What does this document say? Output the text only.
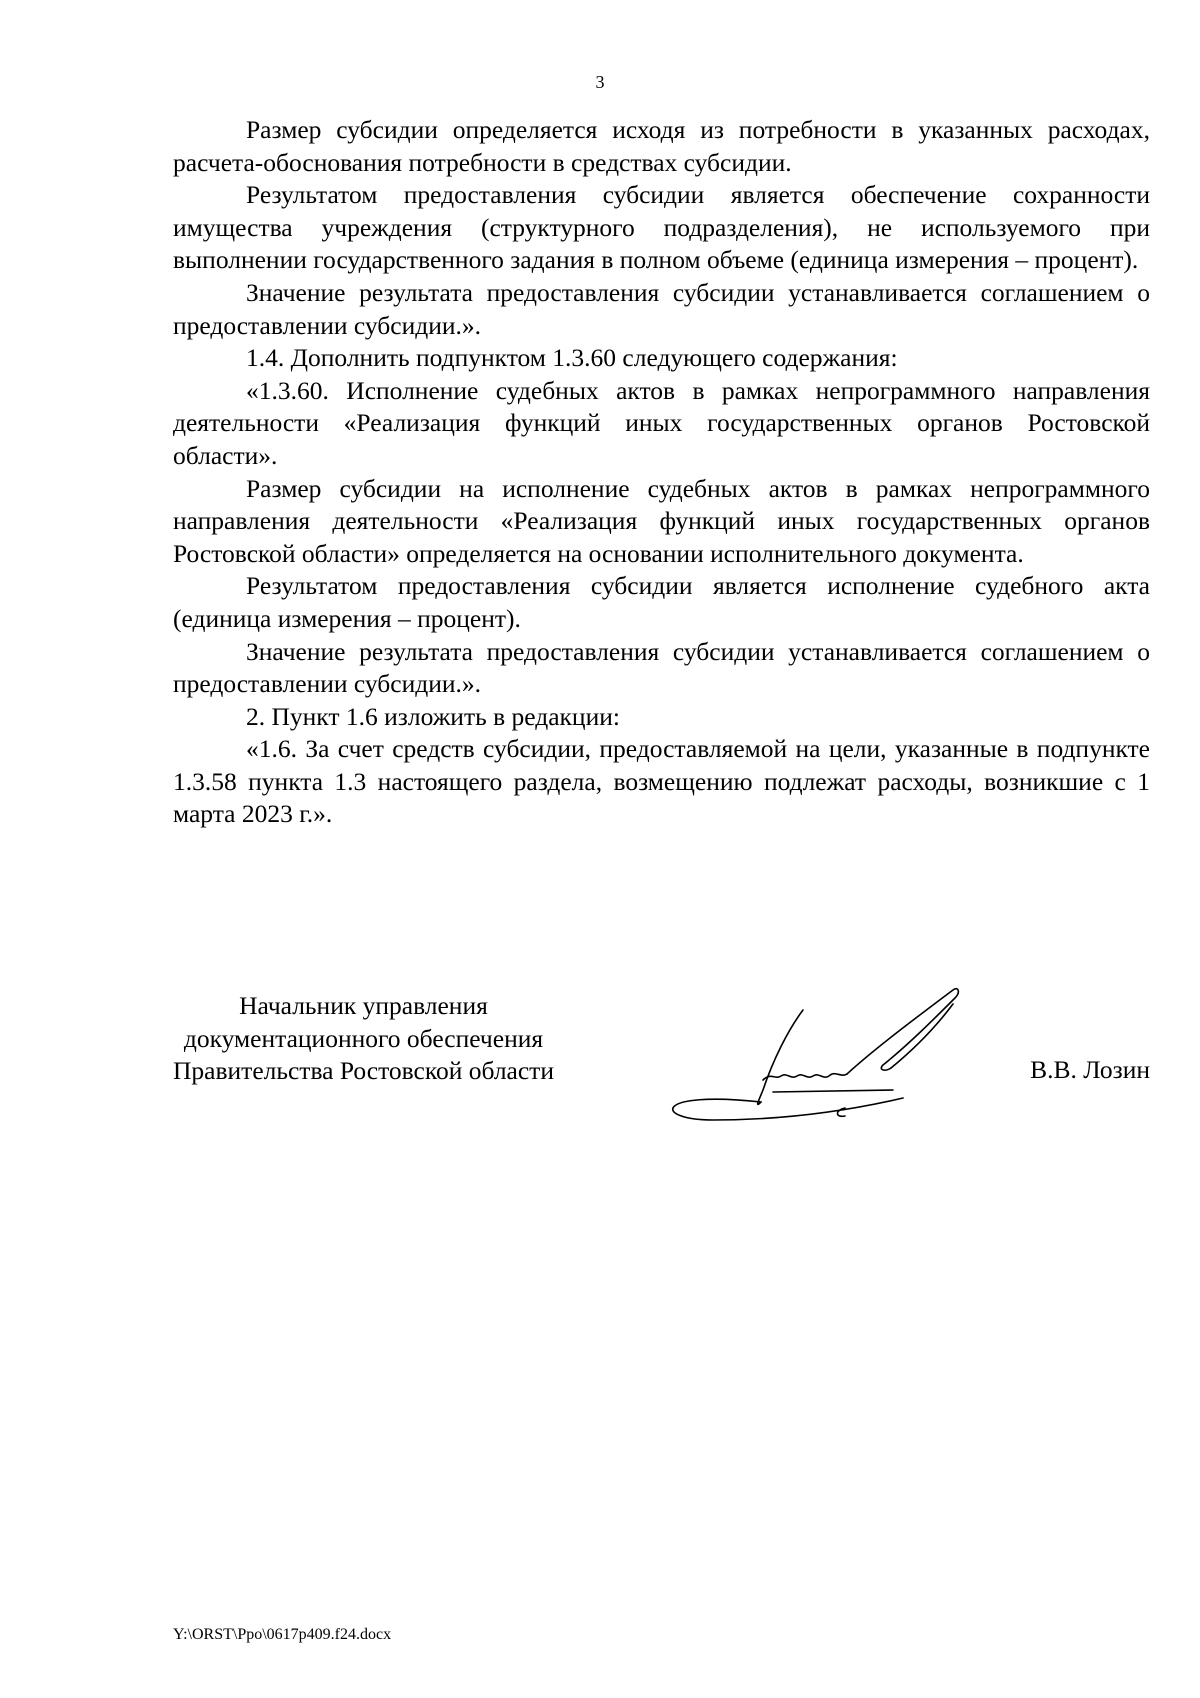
3

Размер субсидии определяется исходя из потребности в указанных расходах, расчета-обоснования потребности в средствах субсидии.

Результатом предоставления субсидии является обеспечение сохранности имущества учреждения (структурного подразделения), не используемого при выполнении государственного задания в полном объеме (единица измерения – процент).

Значение результата предоставления субсидии устанавливается соглашением о предоставлении субсидии.».

1.4. Дополнить подпунктом 1.3.60 следующего содержания:

«1.3.60. Исполнение судебных актов в рамках непрограммного направления деятельности «Реализация функций иных государственных органов Ростовской области».

Размер субсидии на исполнение судебных актов в рамках непрограммного направления деятельности «Реализация функций иных государственных органов Ростовской области» определяется на основании исполнительного документа.

Результатом предоставления субсидии является исполнение судебного акта (единица измерения – процент).

Значение результата предоставления субсидии устанавливается соглашением о предоставлении субсидии.».

2. Пункт 1.6 изложить в редакции:

«1.6. За счет средств субсидии, предоставляемой на цели, указанные в подпункте 1.3.58 пункта 1.3 настоящего раздела, возмещению подлежат расходы, возникшие с 1 марта 2023 г.».

Начальник управления
документационного обеспечения
Правительства Ростовской области	В.В. Лозин
Y:\ORST\Ppo\0617p409.f24.docx
